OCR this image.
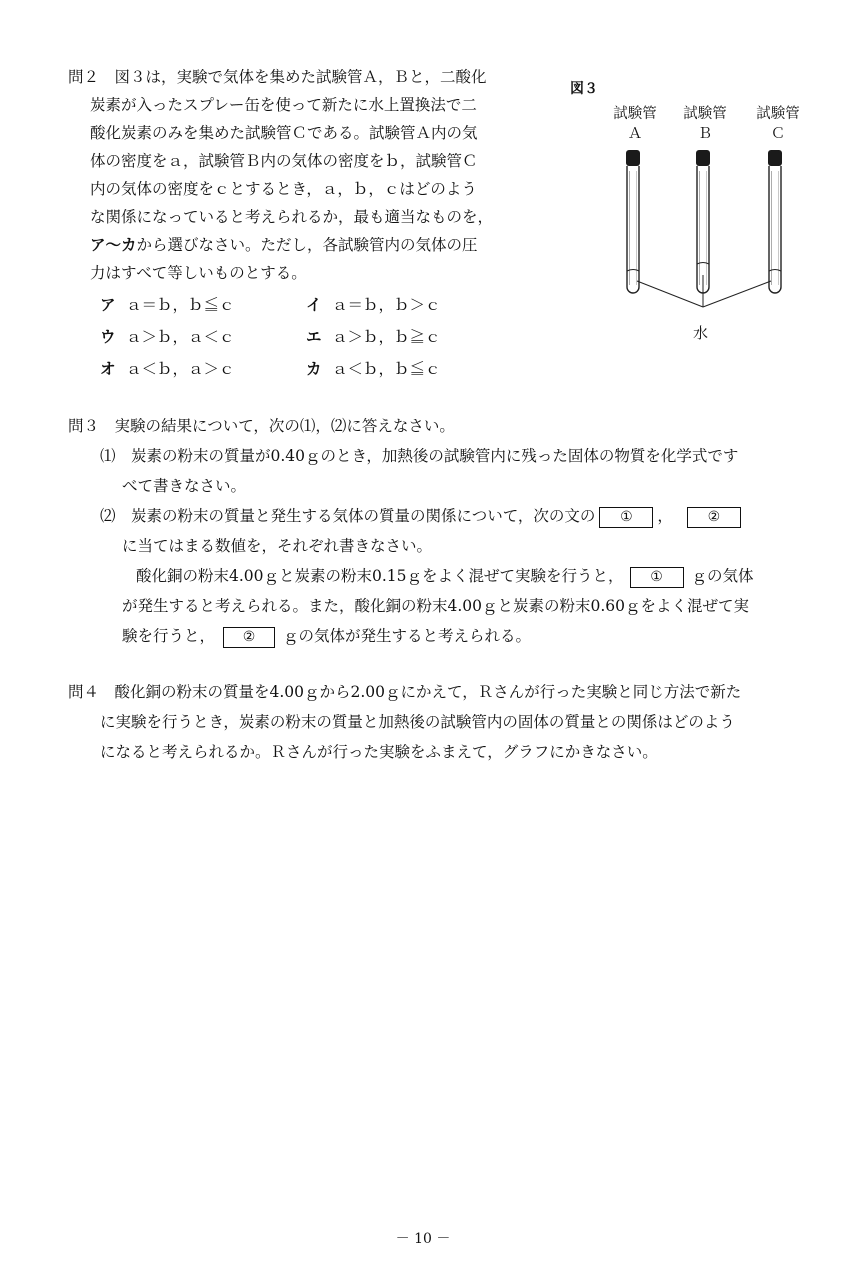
問２　図３は，実験で気体を集めた試験管Ａ，Ｂと，二酸化
炭素が入ったスプレー缶を使って新たに水上置換法で二
酸化炭素のみを集めた試験管Ｃである。試験管Ａ内の気
体の密度をａ，試験管Ｂ内の気体の密度をｂ，試験管Ｃ
内の気体の密度をｃとするとき，ａ，ｂ，ｃはどのよう
な関係になっていると考えられるか，最も適当なものを，
ア～カから選びなさい。ただし，各試験管内の気体の圧
力はすべて等しいものとする。
ア ａ＝ｂ，ｂ≦ｃ	イ ａ＝ｂ，ｂ＞ｃ
ウ ａ＞ｂ，ａ＜ｃ	エ ａ＞ｂ，ｂ≧ｃ
オ ａ＜ｂ，ａ＞ｃ	カ ａ＜ｂ，ｂ≦ｃ
図３
試験管
Ａ
試験管
Ｂ
試験管
Ｃ
水
問３　実験の結果について，次の⑴，⑵に答えなさい。
⑴　炭素の粉末の質量が0.40ｇのとき，加熱後の試験管内に残った固体の物質を化学式です
べて書きなさい。
⑵　炭素の粉末の質量と発生する気体の質量の関係について，次の文の ① ， ②
に当てはまる数値を，それぞれ書きなさい。
酸化銅の粉末4.00ｇと炭素の粉末0.15ｇをよく混ぜて実験を行うと， ① ｇの気体
が発生すると考えられる。また，酸化銅の粉末4.00ｇと炭素の粉末0.60ｇをよく混ぜて実
験を行うと， ② ｇの気体が発生すると考えられる。
問４　酸化銅の粉末の質量を4.00ｇから2.00ｇにかえて，Ｒさんが行った実験と同じ方法で新た
に実験を行うとき，炭素の粉末の質量と加熱後の試験管内の固体の質量との関係はどのよう
になると考えられるか。Ｒさんが行った実験をふまえて，グラフにかきなさい。
－ 10 －
